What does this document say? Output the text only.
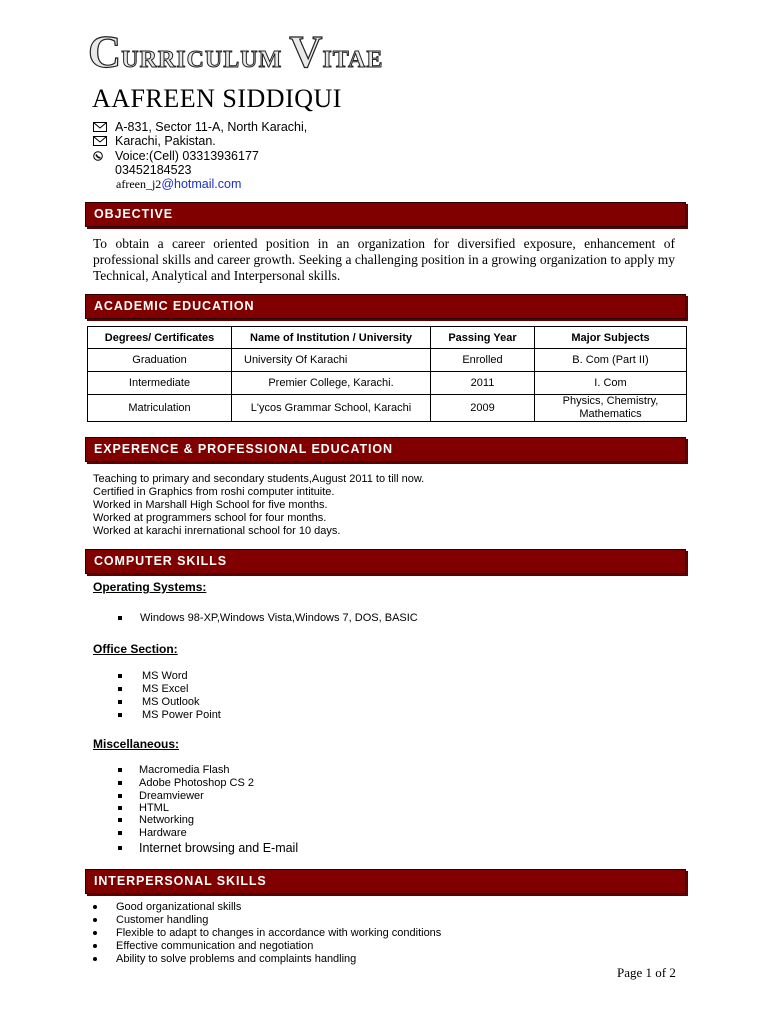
CURRICULUM VITAE
AAFREEN SIDDIQUI
A-831, Sector 11-A, North Karachi,
Karachi, Pakistan.
Voice:(Cell) 03313936177
03452184523
afreen_j2@hotmail.com
OBJECTIVE
To obtain a career oriented position in an organization for diversified exposure, enhancement of professional skills and career growth. Seeking a challenging position in a growing organization to apply my Technical, Analytical and Interpersonal skills.
ACADEMIC EDUCATION
Degrees/ Certificates	Name of Institution / University	Passing Year	Major Subjects
Graduation	University Of Karachi	Enrolled	B. Com (Part II)
Intermediate	Premier College, Karachi.	2011	I. Com
Matriculation	L'ycos Grammar School, Karachi	2009	Physics, Chemistry, Mathematics
EXPERENCE & PROFESSIONAL EDUCATION
Teaching to primary and secondary students,August 2011 to till now.
Certified in Graphics from roshi computer intituite.
Worked in Marshall High School for five months.
Worked at programmers school for four months.
Worked at karachi inrernational school for 10 days.
COMPUTER SKILLS
Operating Systems:
Windows 98-XP,Windows Vista,Windows 7, DOS, BASIC
Office Section:
MS Word
MS Excel
MS Outlook
MS Power Point
Miscellaneous:
Macromedia Flash
Adobe Photoshop CS 2
Dreamviewer
HTML
Networking
Hardware
Internet browsing and E-mail
INTERPERSONAL SKILLS
Good organizational skills
Customer handling
Flexible to adapt to changes in accordance with working conditions
Effective communication and negotiation
Ability to solve problems and complaints handling
Page 1 of 2
